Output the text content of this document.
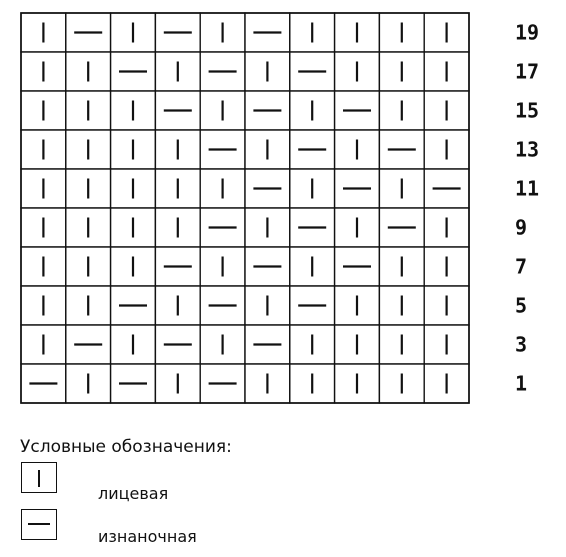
19
17
15
13
11
9
7
5
3
1
Условные обозначения:
лицевая
изнаночная
